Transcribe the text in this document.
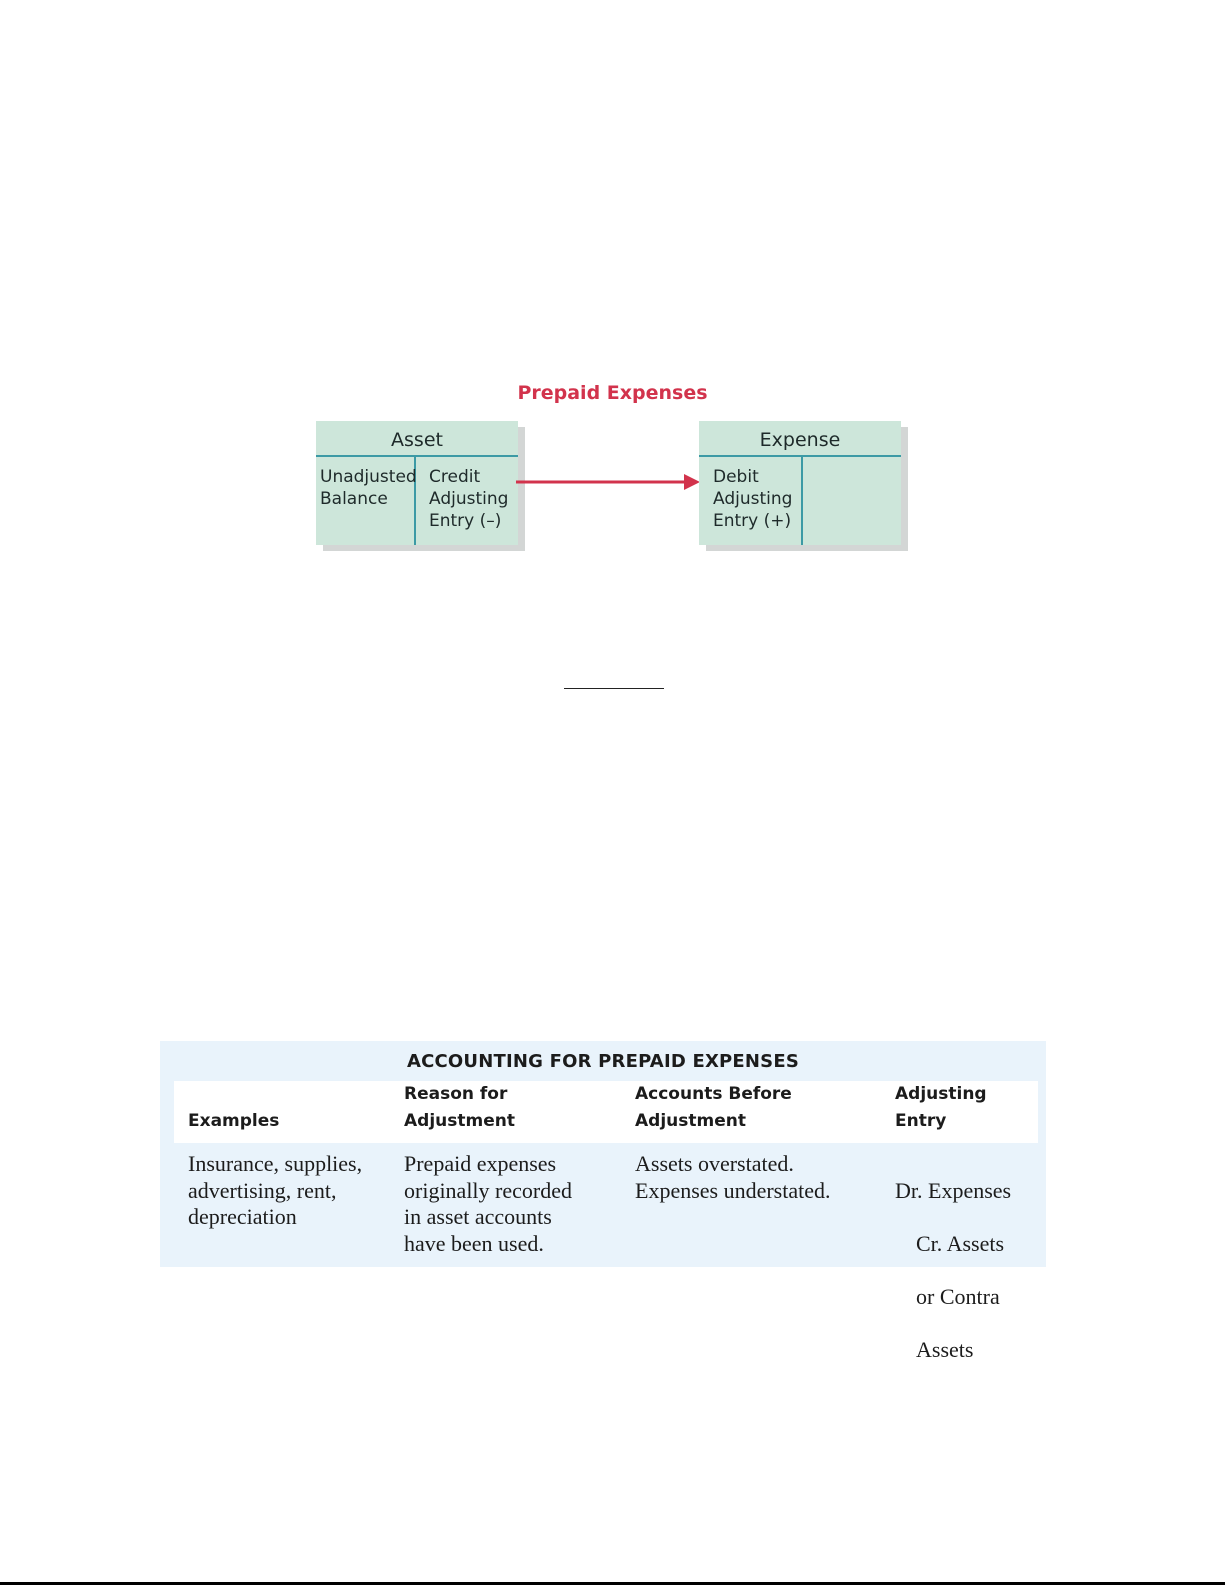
Prepaid Expenses
Asset
Unadjusted
Balance
Credit
Adjusting
Entry (–)
Expense
Debit
Adjusting
Entry (+)
ACCOUNTING FOR PREPAID EXPENSES
Examples
Reason for
Adjustment
Accounts Before
Adjustment
Adjusting
Entry
Insurance, supplies,
advertising, rent,
depreciation
Prepaid expenses
originally recorded
in asset accounts
have been used.
Assets overstated.
Expenses understated.	Dr. Expenses

Cr. Assets

or Contra

Assets
